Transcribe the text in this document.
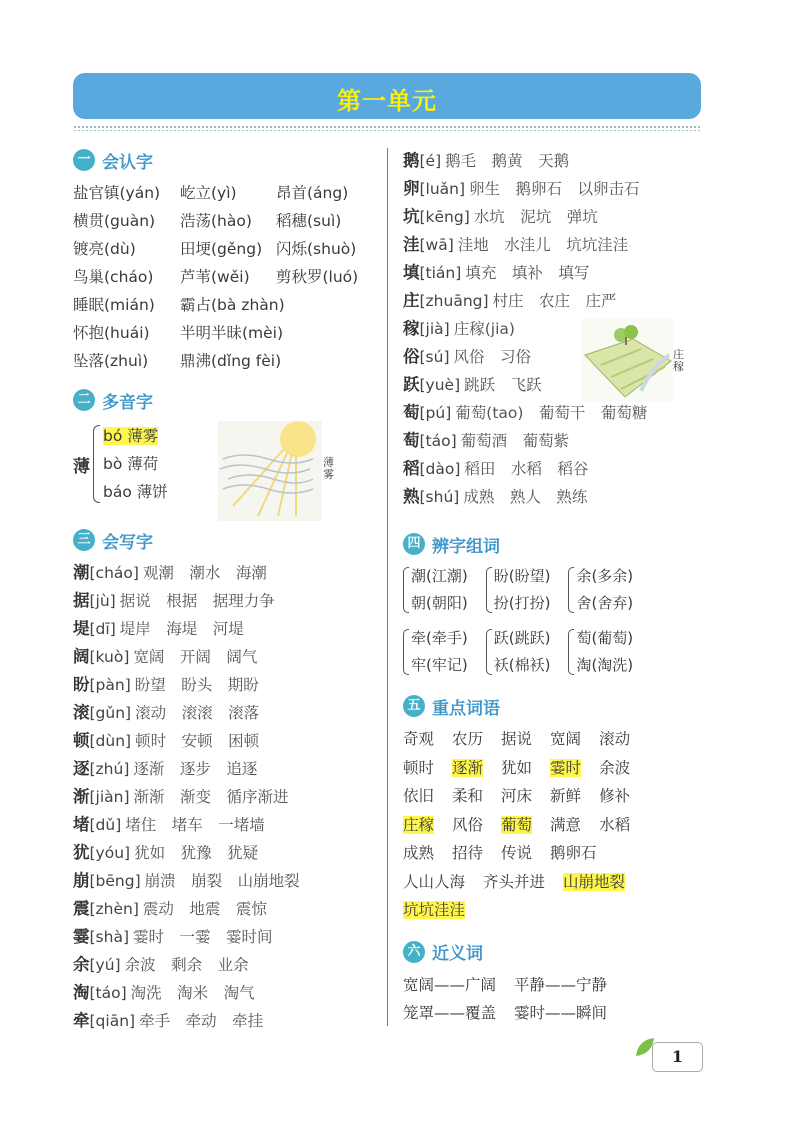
第一单元
一 会认字
盐官镇(yán) 屹立(yì)	昂首(áng)
横贯(guàn) 浩荡(hào) 稻穗(suì)
镀亮(dù)	田埂(gěng) 闪烁(shuò)
鸟巢(cháo) 芦苇(wěi) 剪秋罗(luó)
睡眠(mián) 霸占(bà zhàn)
怀抱(huái) 半明半昧(mèi)
坠落(zhuì) 鼎沸(dǐng fèi)
二 多音字
薄
bó 薄雾
bò 薄荷
báo 薄饼
薄雾
三 会写字
潮[cháo] 观潮　潮水　海潮
据[jù] 据说　根据　据理力争
堤[dī] 堤岸　海堤　河堤
阔[kuò] 宽阔　开阔　阔气
盼[pàn] 盼望　盼头　期盼
滚[gǔn] 滚动　滚滚　滚落
顿[dùn] 顿时　安顿　困顿
逐[zhú] 逐渐　逐步　追逐
渐[jiàn] 渐渐　渐变　循序渐进
堵[dǔ] 堵住　堵车　一堵墙
犹[yóu] 犹如　犹豫　犹疑
崩[bēng] 崩溃　崩裂　山崩地裂
震[zhèn] 震动　地震　震惊
霎[shà] 霎时　一霎　霎时间
余[yú] 余波　剩余　业余
淘[táo] 淘洗　淘米　淘气
牵[qiān] 牵手　牵动　牵挂
鹅[é] 鹅毛　鹅黄　天鹅
卵[luǎn] 卵生　鹅卵石　以卵击石
坑[kēng] 水坑　泥坑　弹坑
洼[wā] 洼地　水洼儿　坑坑洼洼
填[tián] 填充　填补　填写
庄[zhuāng] 村庄　农庄　庄严
稼[jià] 庄稼(jia)
俗[sú] 风俗　习俗
跃[yuè] 跳跃　飞跃
萄[pú] 葡萄(tao)　葡萄干　葡萄糖
萄[táo] 葡萄酒　葡萄紫
稻[dào] 稻田　水稻　稻谷
熟[shú] 成熟　熟人　熟练
庄稼
四 辨字组词
潮(江潮)
朝(朝阳)
盼(盼望)
扮(打扮)
余(多余)
舍(舍弃)
牵(牵手)
牢(牢记)
跃(跳跃)
袄(棉袄)
萄(葡萄)
淘(淘洗)
五 重点词语
奇观 农历 据说 宽阔 滚动
顿时 逐渐 犹如 霎时 余波
依旧 柔和 河床 新鲜 修补
庄稼 风俗 葡萄 满意 水稻
成熟 招待 传说 鹅卵石
人山人海 齐头并进 山崩地裂
坑坑洼洼
六 近义词
宽阔——广阔 平静——宁静
笼罩——覆盖 霎时——瞬间
1
